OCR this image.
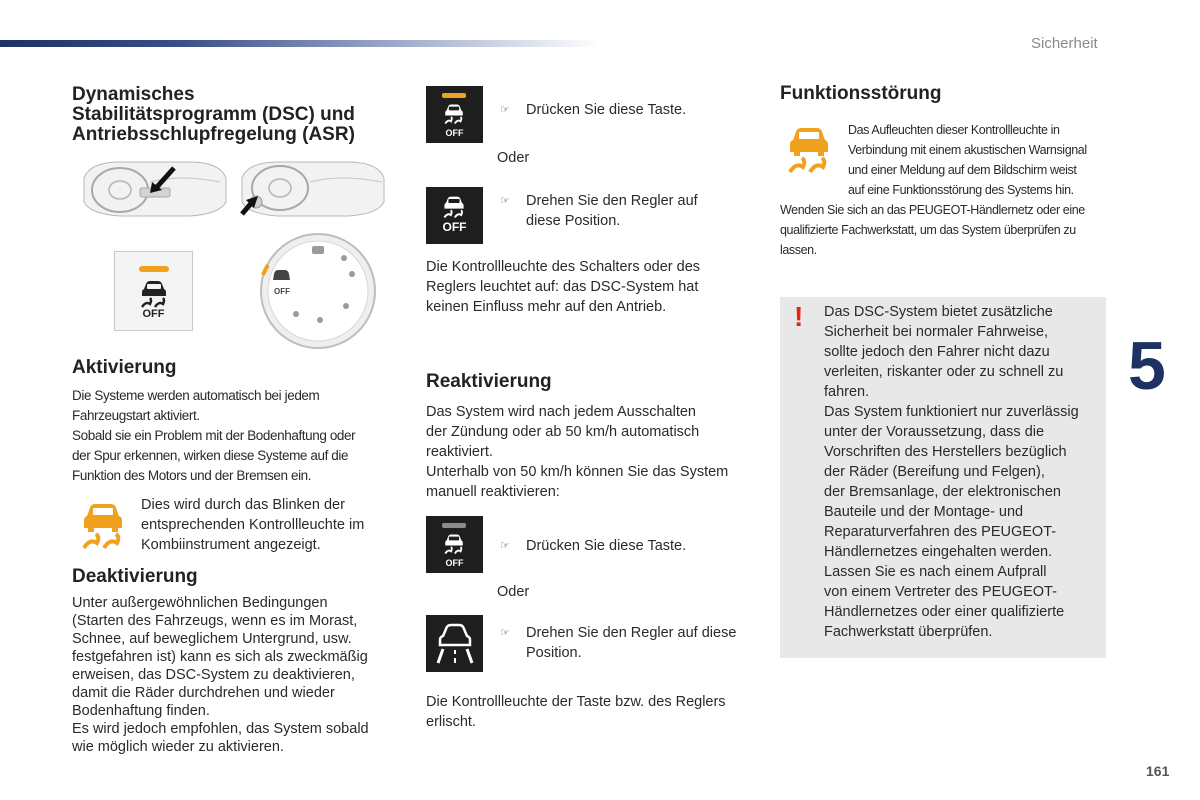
Sicherheit
5
161
Dynamisches
Stabilitätsprogramm (DSC) und
Antriebsschlupfregelung (ASR)
OFF
OFF
Aktivierung
Die Systeme werden automatisch bei jedem
Fahrzeugstart aktiviert.
Sobald sie ein Problem mit der Bodenhaftung oder
der Spur erkennen, wirken diese Systeme auf die
Funktion des Motors und der Bremsen ein.
Dies wird durch das Blinken der
entsprechenden Kontrollleuchte im
Kombiinstrument angezeigt.
Deaktivierung
Unter außergewöhnlichen Bedingungen
(Starten des Fahrzeugs, wenn es im Morast,
Schnee, auf beweglichem Untergrund, usw.
festgefahren ist) kann es sich als zweckmäßig
erweisen, das DSC-System zu deaktivieren,
damit die Räder durchdrehen und wieder
Bodenhaftung finden.
Es wird jedoch empfohlen, das System sobald
wie möglich wieder zu aktivieren.
OFF
☞ Drücken Sie diese Taste.
Oder
OFF
☞ Drehen Sie den Regler auf
diese Position.
Die Kontrollleuchte des Schalters oder des
Reglers leuchtet auf: das DSC-System hat
keinen Einfluss mehr auf den Antrieb.
Reaktivierung
Das System wird nach jedem Ausschalten
der Zündung oder ab 50 km/h automatisch
reaktiviert.
Unterhalb von 50 km/h können Sie das System
manuell reaktivieren:
OFF
☞ Drücken Sie diese Taste.
Oder
☞ Drehen Sie den Regler auf diese
Position.
Die Kontrollleuchte der Taste bzw. des Reglers
erlischt.
Funktionsstörung
Das Aufleuchten dieser Kontrollleuchte in
Verbindung mit einem akustischen Warnsignal
und einer Meldung auf dem Bildschirm weist
auf eine Funktionsstörung des Systems hin.
Wenden Sie sich an das PEUGEOT-Händlernetz oder eine
qualifizierte Fachwerkstatt, um das System überprüfen zu
lassen.
! Das DSC-System bietet zusätzliche
Sicherheit bei normaler Fahrweise,
sollte jedoch den Fahrer nicht dazu
verleiten, riskanter oder zu schnell zu
fahren.
Das System funktioniert nur zuverlässig
unter der Voraussetzung, dass die
Vorschriften des Herstellers bezüglich
der Räder (Bereifung und Felgen),
der Bremsanlage, der elektronischen
Bauteile und der Montage- und
Reparaturverfahren des PEUGEOT-
Händlernetzes eingehalten werden.
Lassen Sie es nach einem Aufprall
von einem Vertreter des PEUGEOT-
Händlernetzes oder einer qualifizierte
Fachwerkstatt überprüfen.
